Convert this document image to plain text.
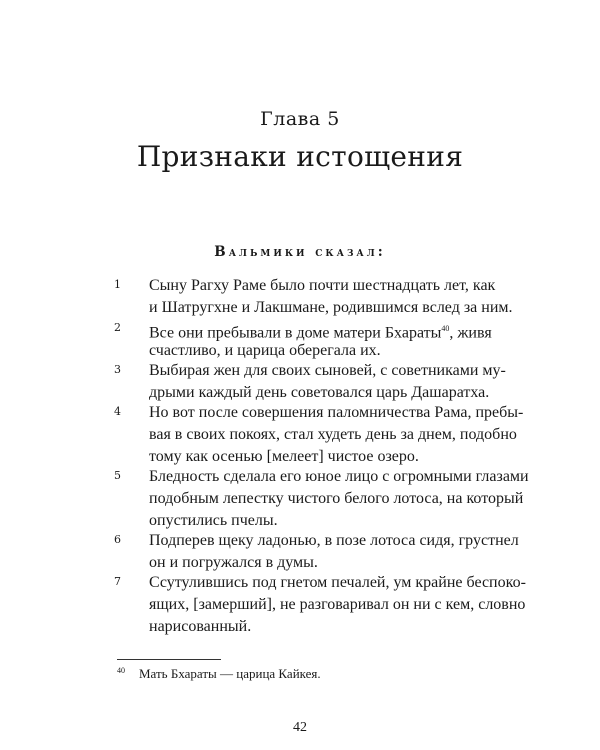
Глава 5
Признаки истощения
Вальмики сказал:
1	Сыну Рагху Раме было почти шестнадцать лет, как
и Шатругхне и Лакшмане, родившимся вслед за ним.
2	Все они пребывали в доме матери Бхараты$^{40}$, живя
счастливо, и царица оберегала их.
3	Выбирая жен для своих сыновей, с советниками му-
дрыми каждый день советовался царь Дашаратха.
4	Но вот после совершения паломничества Рама, пребы-
вая в своих покоях, стал худеть день за днем, подобно
тому как осенью [мелеет] чистое озеро.
5	Бледность сделала его юное лицо с огромными глазами
подобным лепестку чистого белого лотоса, на который
опустились пчелы.
6	Подперев щеку ладонью, в позе лотоса сидя, грустнел
он и погружался в думы.
7	Ссутулившись под гнетом печалей, ум крайне беспоко-
ящих, [замерший], не разговаривал он ни с кем, словно
нарисованный.
$^{40}$ Мать Бхараты — царица Кайкея.
42
